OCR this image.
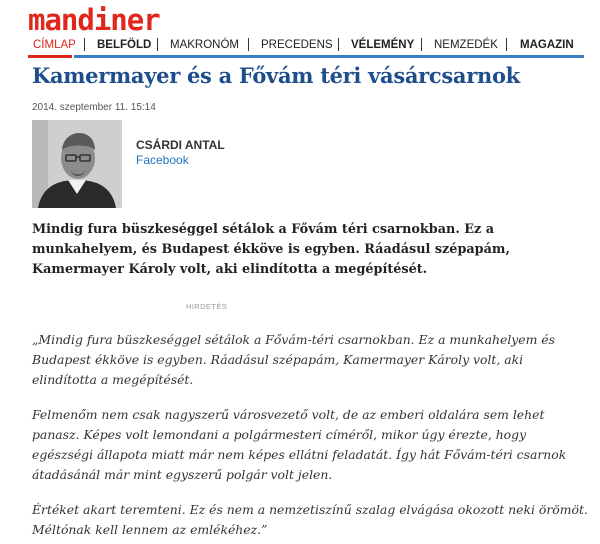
mandiner
CÍMLAP BELFÖLD MAKRONÓM PRECEDENS VÉLEMÉNY NEMZEDÉK MAGAZIN
Kamermayer és a Fővám téri vásárcsarnok
2014. szeptember 11. 15:14
CSÁRDI ANTAL
Facebook

Mindig fura büszkeséggel sétálok a Fővám téri csarnokban. Ez a munkahelyem, és Budapest ékköve is egyben. Ráadásul szépapám, Kamermayer Károly volt, aki elindította a megépítését.

HIRDETÉS

„Mindig fura büszkeséggel sétálok a Fővám-téri csarnokban. Ez a munkahelyem és Budapest ékköve is egyben. Ráadásul szépapám, Kamermayer Károly volt, aki elindította a megépítését.

Felmenőm nem csak nagyszerű városvezető volt, de az emberi oldalára sem lehet panasz. Képes volt lemondani a polgármesteri címéről, mikor úgy érezte, hogy egészségi állapota miatt már nem képes ellátni feladatát. Így hát Fővám-téri csarnok átadásánál már mint egyszerű polgár volt jelen.

Értéket akart teremteni. Ez és nem a nemzetiszínű szalag elvágása okozott neki örömöt. Méltónak kell lennem az emlékéhez.”
